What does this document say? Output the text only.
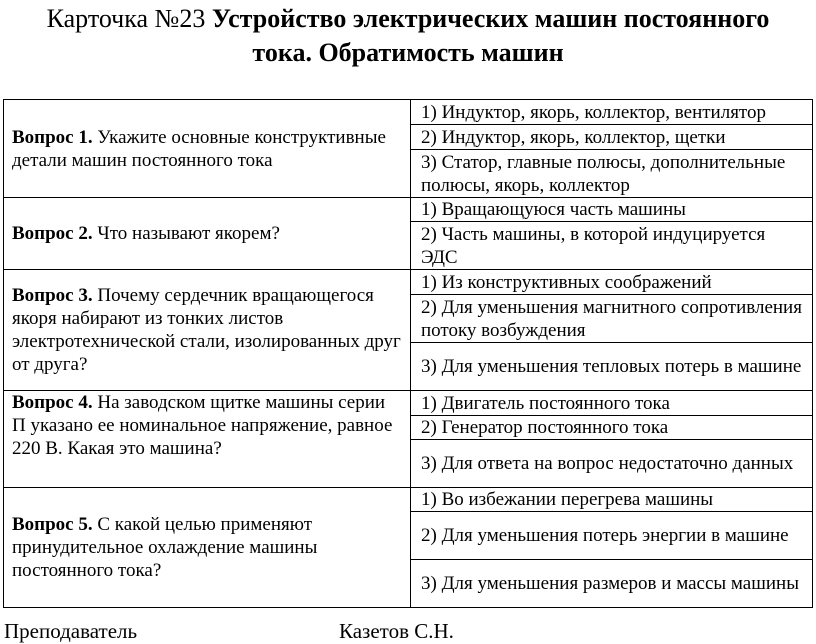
Карточка №23 Устройство электрических машин постоянного
тока. Обратимость машин
Вопрос 1. Укажите основные конструктивные детали машин постоянного тока	1) Индуктор, якорь, коллектор, вентилятор
	2) Индуктор, якорь, коллектор, щетки
	3) Статор, главные полюсы, дополнительные полюсы, якорь, коллектор
Вопрос 2. Что называют якорем?	1) Вращающуюся часть машины
	2) Часть машины, в которой индуцируется ЭДС
Вопрос 3. Почему сердечник вращающегося якоря набирают из тонких листов электротехнической стали, изолированных друг от друга?	1) Из конструктивных соображений
	2) Для уменьшения магнитного сопротивления потоку возбуждения
	3) Для уменьшения тепловых потерь в машине
Вопрос 4. На заводском щитке машины серии П указано ее номинальное напряжение, равное 220 В. Какая это машина?	1) Двигатель постоянного тока
	2) Генератор постоянного тока
	3) Для ответа на вопрос недостаточно данных
Вопрос 5. С какой целью применяют принудительное охлаждение машины постоянного тока?	1) Во избежании перегрева машины
	2) Для уменьшения потерь энергии в машине
	3) Для уменьшения размеров и массы машины
Преподаватель	Казетов С.Н.
